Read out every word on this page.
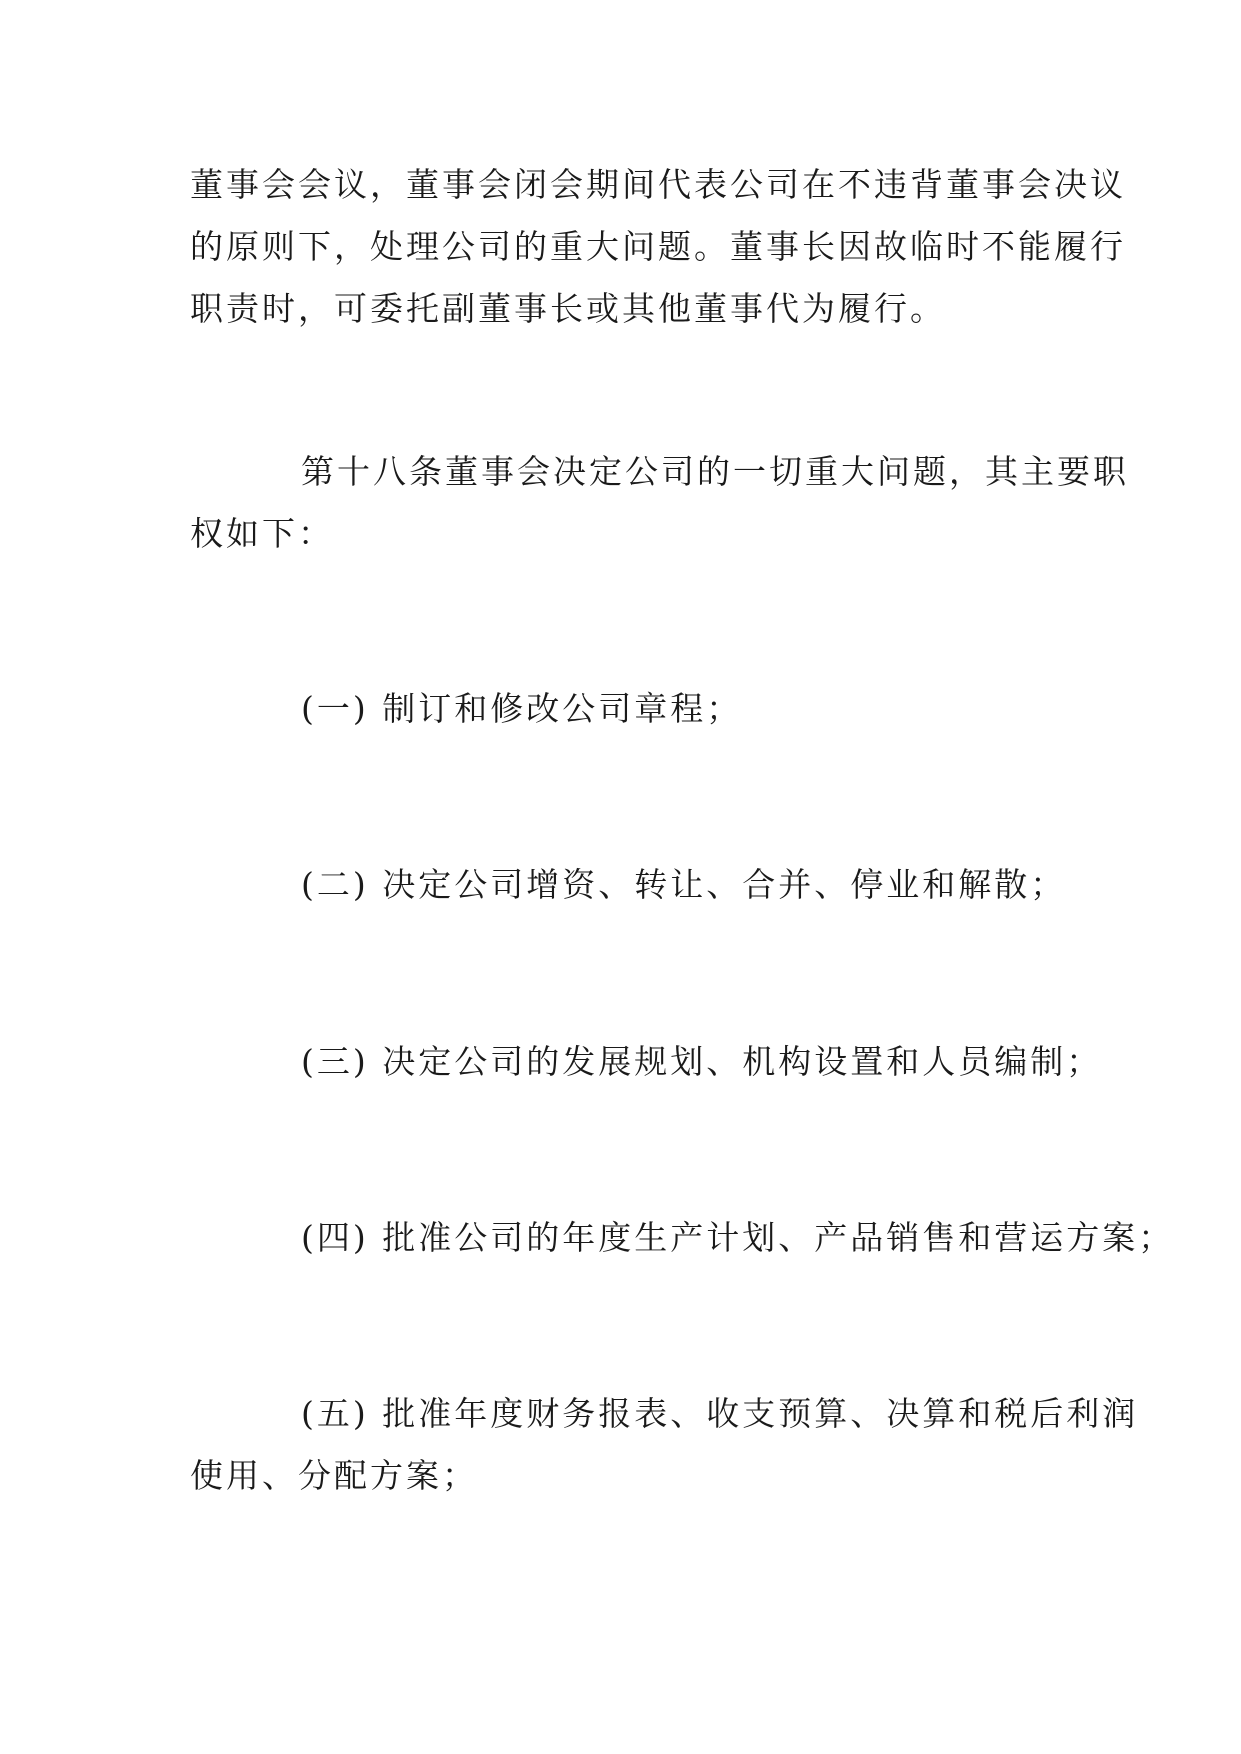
董事会会议，董事会闭会期间代表公司在不违背董事会决议
的原则下，处理公司的重大问题。董事长因故临时不能履行
职责时，可委托副董事长或其他董事代为履行。
第十八条董事会决定公司的一切重大问题，其主要职
权如下：
(一) 制订和修改公司章程；
(二) 决定公司增资、转让、合并、停业和解散；
(三) 决定公司的发展规划、机构设置和人员编制；
(四) 批准公司的年度生产计划、产品销售和营运方案；
(五) 批准年度财务报表、收支预算、决算和税后利润
使用、分配方案；
